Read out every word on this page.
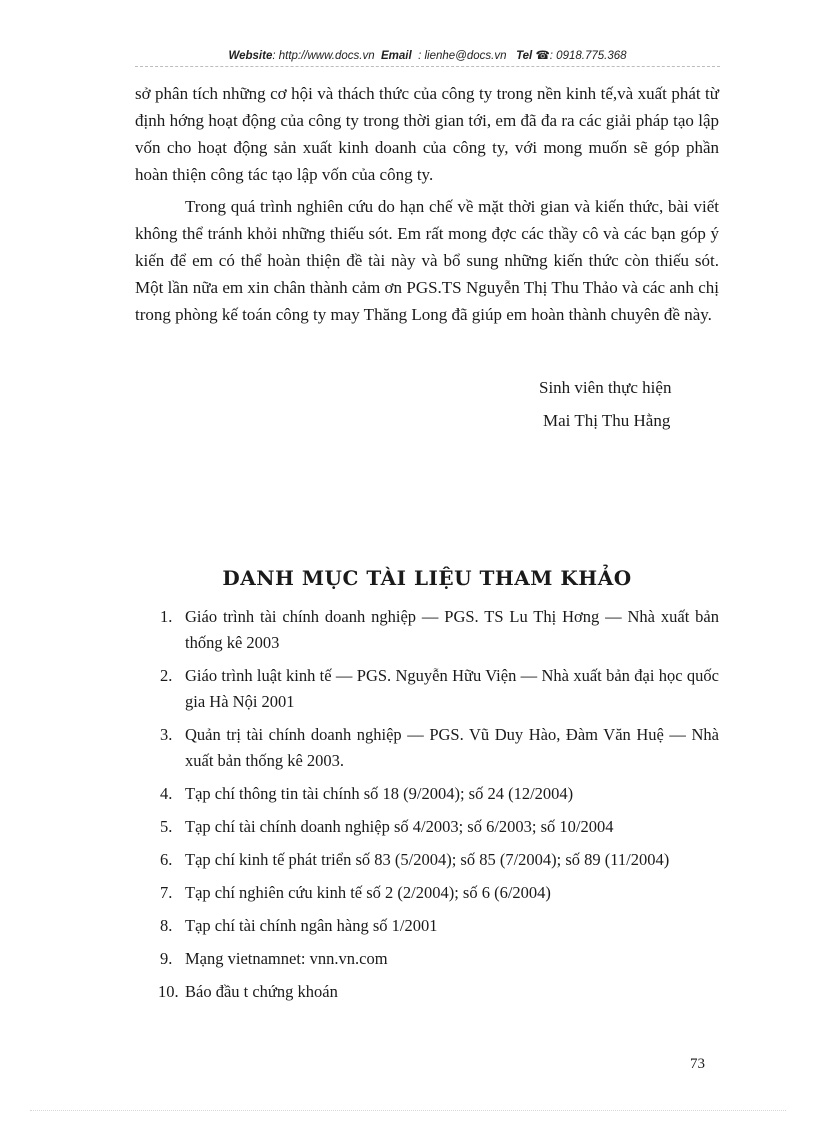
Website: http://www.docs.vn Email : lienhe@docs.vn Tel ☎: 0918.775.368

sở phân tích những cơ hội và thách thức của công ty trong nền kinh tế,và xuất phát từ định hớng hoạt động của công ty trong thời gian tới, em đã đa ra các giải pháp tạo lập vốn cho hoạt động sản xuất kinh doanh của công ty, với mong muốn sẽ góp phần hoàn thiện công tác tạo lập vốn của công ty.

Trong quá trình nghiên cứu do hạn chế về mặt thời gian và kiến thức, bài viết không thể tránh khỏi những thiếu sót. Em rất mong đợc các thầy cô và các bạn góp ý kiến để em có thể hoàn thiện đề tài này và bổ sung những kiến thức còn thiếu sót. Một lần nữa em xin chân thành cảm ơn PGS.TS Nguyễn Thị Thu Thảo và các anh chị trong phòng kế toán công ty may Thăng Long đã giúp em hoàn thành chuyên đề này.

Sinh viên thực hiện
Mai Thị Thu Hằng
DANH MỤC TÀI LIỆU THAM KHẢO
1. Giáo trình tài chính doanh nghiệp — PGS. TS Lu Thị Hơng — Nhà xuất bản thống kê 2003
2. Giáo trình luật kinh tế — PGS. Nguyễn Hữu Viện — Nhà xuất bản đại học quốc gia Hà Nội 2001
3. Quản trị tài chính doanh nghiệp — PGS. Vũ Duy Hào, Đàm Văn Huệ — Nhà xuất bản thống kê 2003.
4. Tạp chí thông tin tài chính số 18 (9/2004); số 24 (12/2004)
5. Tạp chí tài chính doanh nghiệp số 4/2003; số 6/2003; số 10/2004
6. Tạp chí kinh tế phát triển số 83 (5/2004); số 85 (7/2004); số 89 (11/2004)
7. Tạp chí nghiên cứu kinh tế số 2 (2/2004); số 6 (6/2004)
8. Tạp chí tài chính ngân hàng số 1/2001
9. Mạng vietnamnet: vnn.vn.com
10. Báo đầu t chứng khoán
73
